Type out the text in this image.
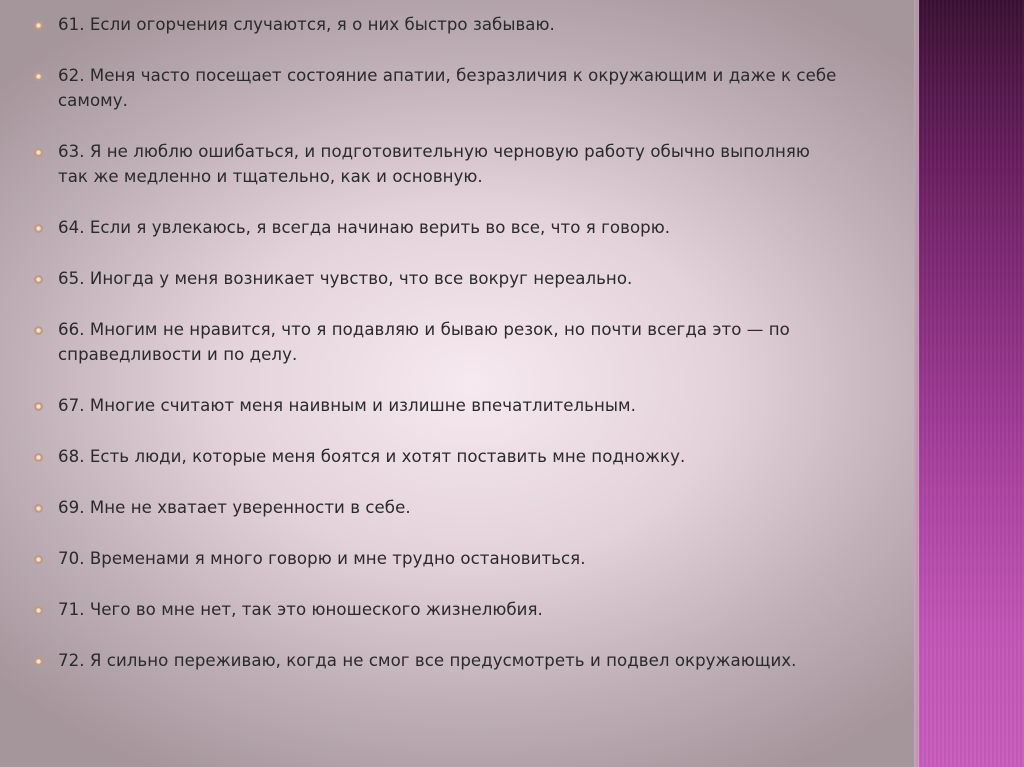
61. Если огорчения случаются, я о них быстро забываю.
62. Меня часто посещает состояние апатии, безразличия к окружающим и даже к себе самому.
63. Я не люблю ошибаться, и подготовительную черновую работу обычно выполняю так же медленно и тщательно, как и основную.
64. Если я увлекаюсь, я всегда начинаю верить во все, что я говорю.
65. Иногда у меня возникает чувство, что все вокруг нереально.
66. Многим не нравится, что я подавляю и бываю резок, но почти всегда это — по справедливости и по делу.
67. Многие считают меня наивным и излишне впечатлительным.
68. Есть люди, которые меня боятся и хотят поставить мне подножку.
69. Мне не хватает уверенности в себе.
70. Временами я много говорю и мне трудно остановиться.
71. Чего во мне нет, так это юношеского жизнелюбия.
72. Я сильно переживаю, когда не смог все предусмотреть и подвел окружающих.
